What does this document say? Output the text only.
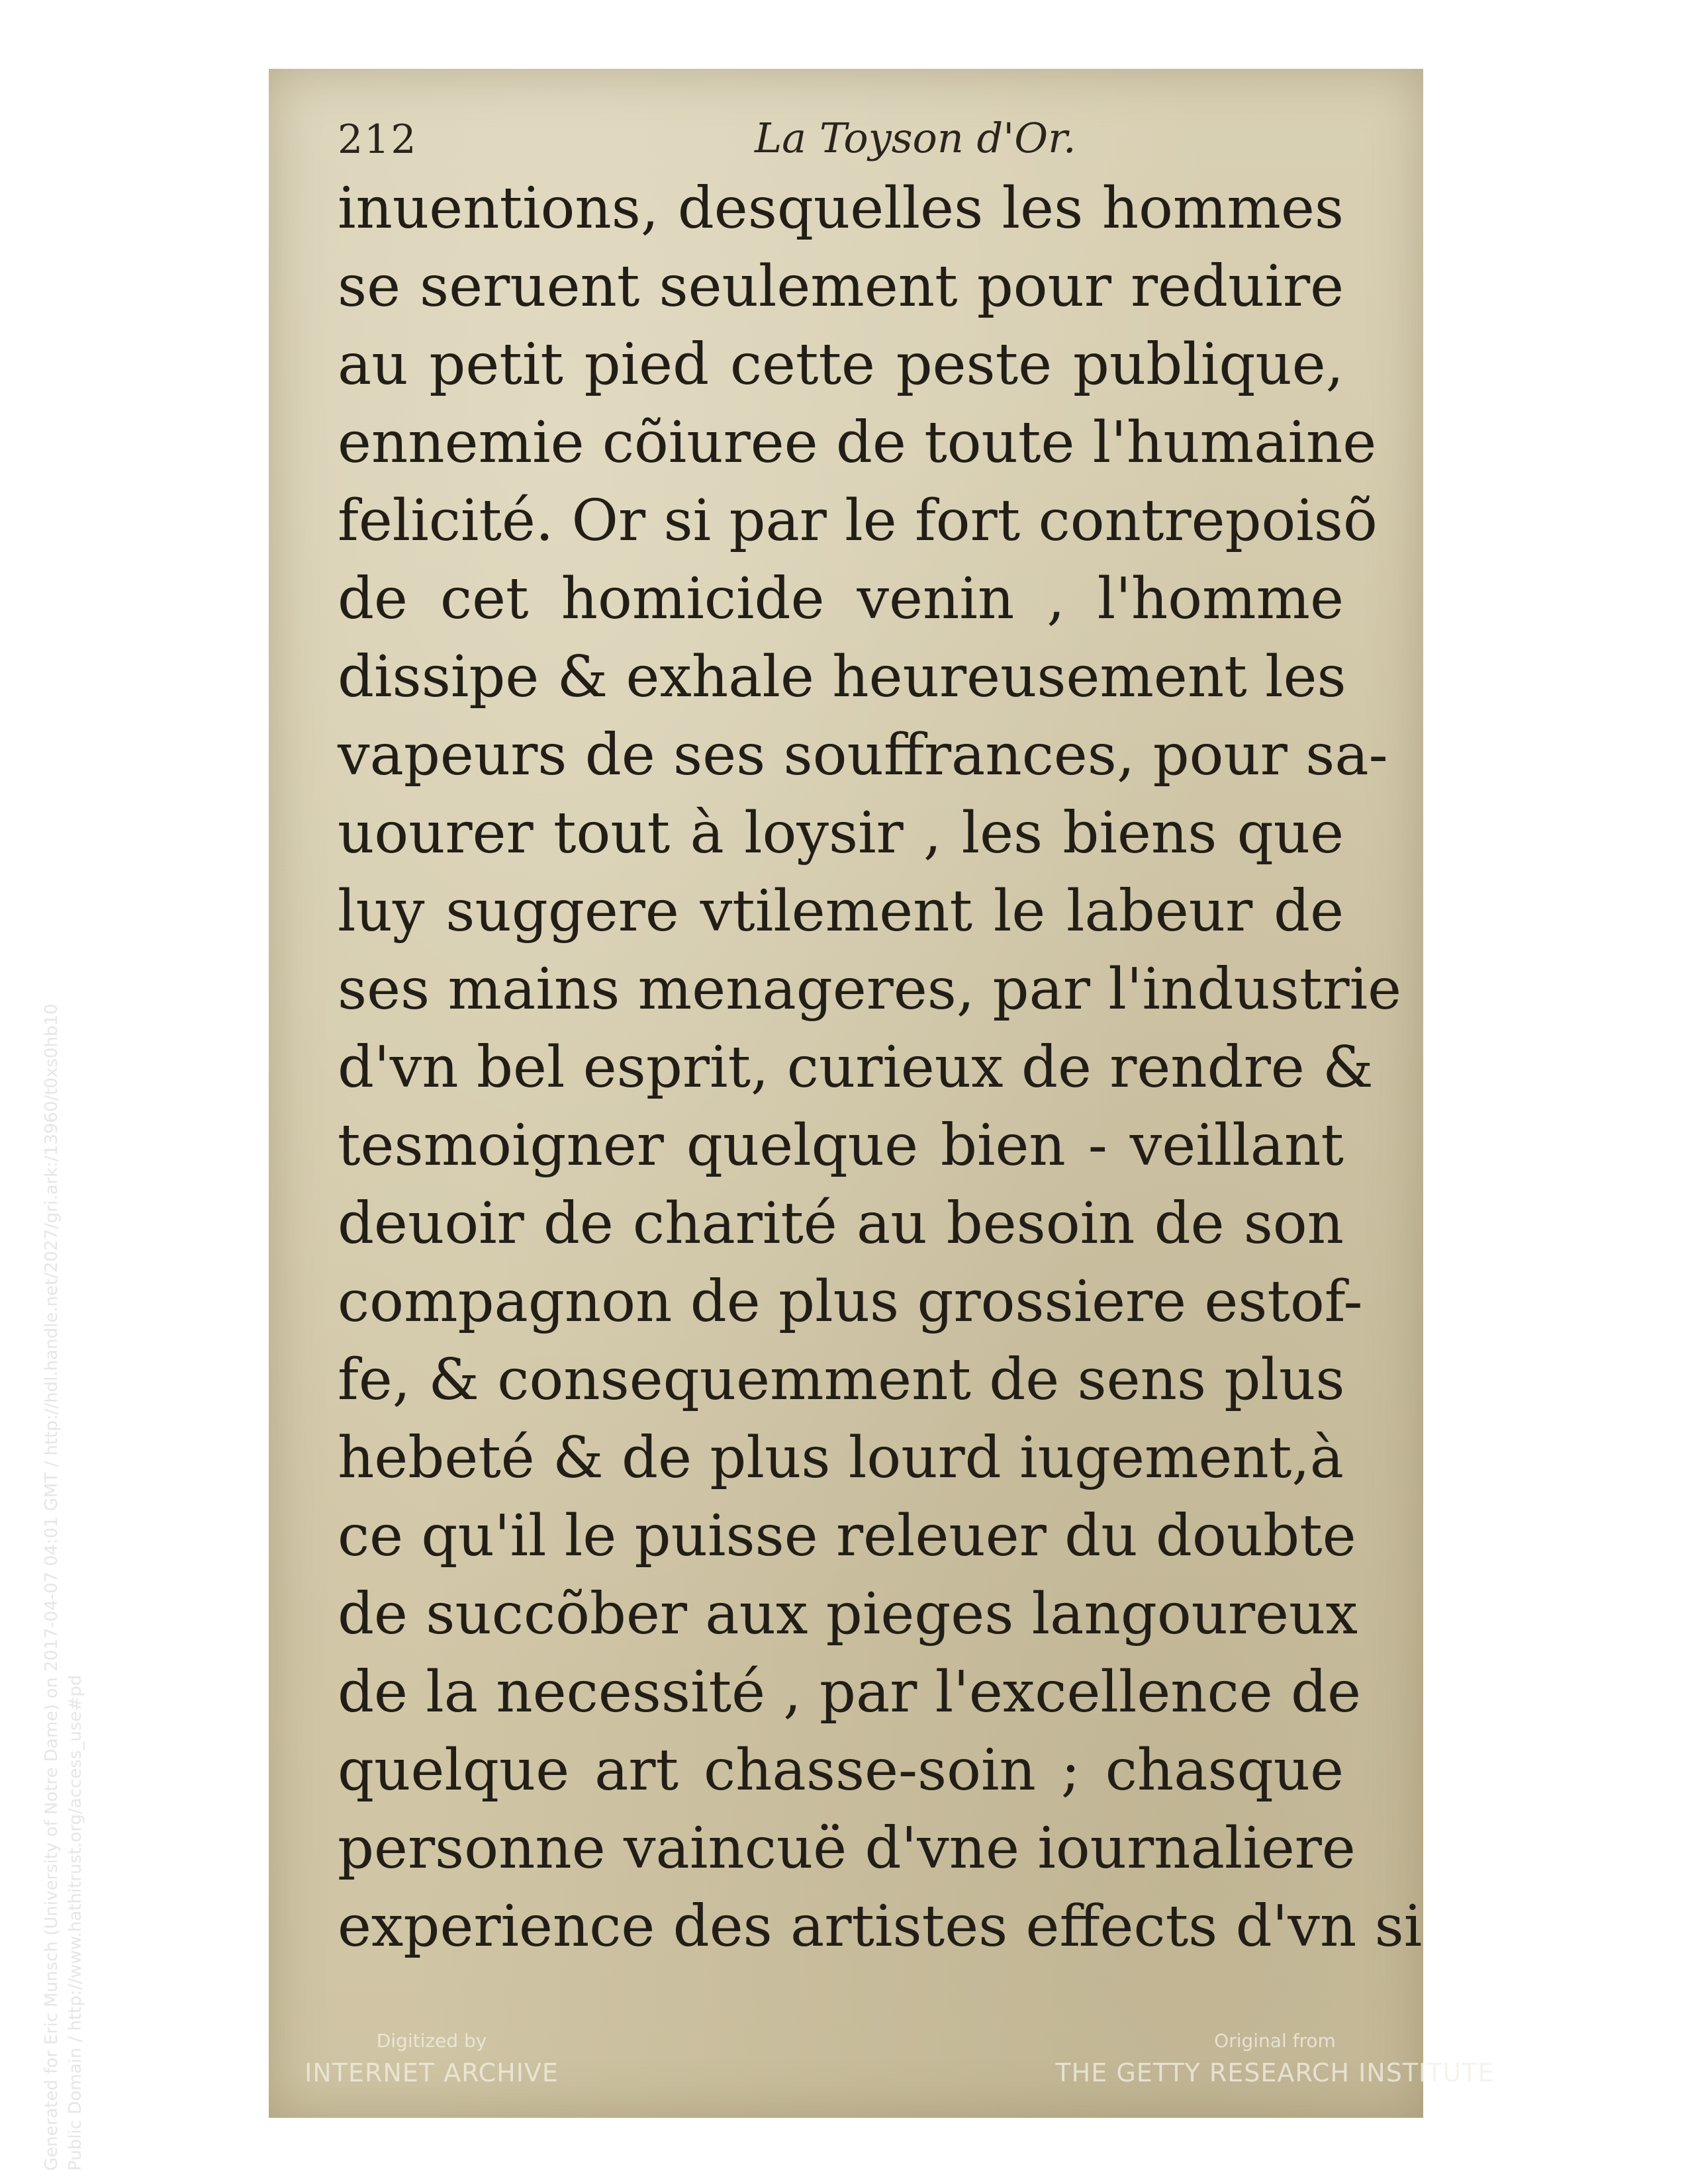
Generated for Eric Munsch (University of Notre Dame) on 2017-04-07 04:01 GMT / http://hdl.handle.net/2027/gri.ark:/13960/t0xs0hb10 Public Domain / http://www.hathitrust.org/access_use#pd
212	La Toyson d'Or.
inuentions, desquelles les hommes
se seruent seulement pour reduire
au petit pied cette peste publique,
ennemie cõiuree de toute l'humaine
felicité. Or si par le fort contrepoisõ
de cet homicide venin , l'homme
dissipe & exhale heureusement les
vapeurs de ses souffrances, pour sa-
uourer tout à loysir , les biens que
luy suggere vtilement le labeur de
ses mains menageres, par l'industrie
d'vn bel esprit, curieux de rendre &
tesmoigner quelque bien - veillant
deuoir de charité au besoin de son
compagnon de plus grossiere estof-
fe, & consequemment de sens plus
hebeté & de plus lourd iugement,à
ce qu'il le puisse releuer du doubte
de succõber aux pieges langoureux
de la necessité , par l'excellence de
quelque art chasse-soin ; chasque
personne vaincuë d'vne iournaliere
experience des artistes effects d'vn si
Digitized by
INTERNET ARCHIVE
Original from
THE GETTY RESEARCH INSTITUTE
